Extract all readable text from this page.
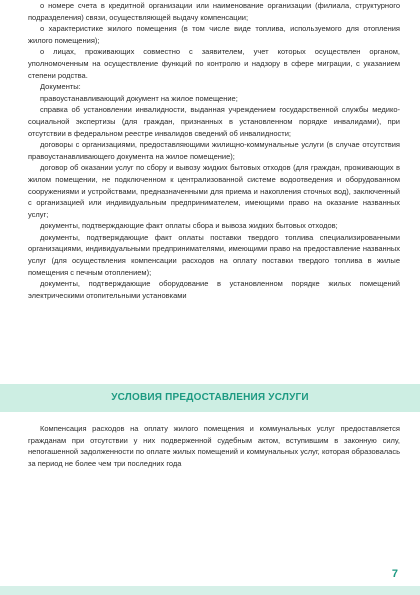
о номере счета в кредитной организации или наименование организации (филиала, структурного подразделения) связи, осуществляющей выдачу компенсации;

о характеристике жилого помещения (в том числе виде топлива, используемого для отопления жилого помещения);

о лицах, проживающих совместно с заявителем, учет которых осуществлен органом, уполномоченным на осуществление функций по контролю и надзору в сфере миграции, с указанием степени родства.

Документы:

правоустанавливающий документ на жилое помещение;

справка об установлении инвалидности, выданная учреждением государственной службы медико-социальной экспертизы (для граждан, признанных в установленном порядке инвалидами), при отсутствии в федеральном реестре инвалидов сведений об инвалидности;

договоры с организациями, предоставляющими жилищно-коммунальные услуги (в случае отсутствия правоустанавливающего документа на жилое помещение);

договор об оказании услуг по сбору и вывозу жидких бытовых отходов (для граждан, проживающих в жилом помещении, не подключенном к централизованной системе водоотведения и оборудованном сооружениями и устройствами, предназначенными для приема и накопления сточных вод), заключенный с организацией или индивидуальным предпринимателем, имеющими право на оказание названных услуг;

документы, подтверждающие факт оплаты сбора и вывоза жидких бытовых отходов;

документы, подтверждающие факт оплаты поставки твердого топлива специализированными организациями, индивидуальными предпринимателями, имеющими право на предоставление названных услуг (для осуществления компенсации расходов на оплату поставки твердого топлива в жилые помещения с печным отоплением);

документы, подтверждающие оборудование в установленном порядке жилых помещений электрическими отопительными установками

УСЛОВИЯ ПРЕДОСТАВЛЕНИЯ УСЛУГИ

Компенсация расходов на оплату жилого помещения и коммунальных услуг предоставляется гражданам при отсутствии у них подверженной судебным актом, вступившим в законную силу, непогашенной задолженности по оплате жилых помещений и коммунальных услуг, которая образовалась за период не более чем три последних года

7
